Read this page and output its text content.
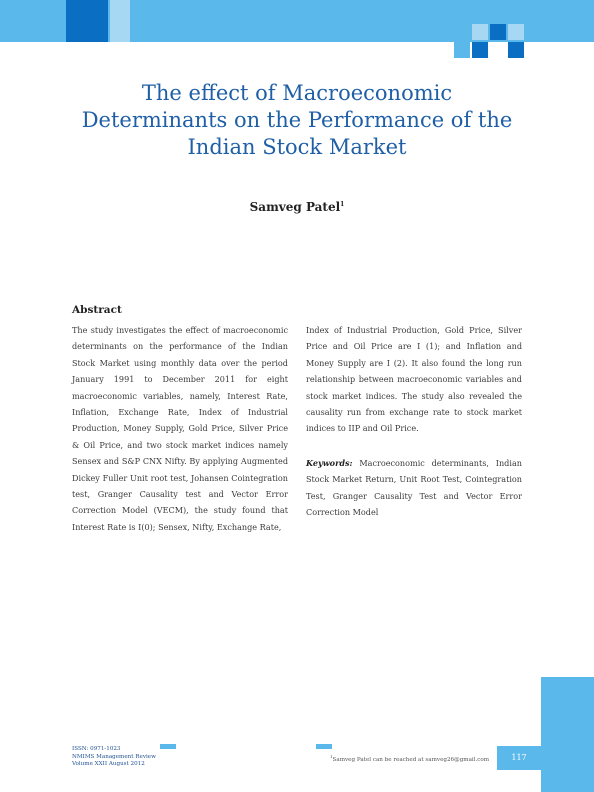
The effect of Macroeconomic
Determinants on the Performance of the
Indian Stock Market
Samveg Patel$^1$
Abstract

The study investigates the effect of macroeconomic determinants on the performance of the Indian Stock Market using monthly data over the period January 1991 to December 2011 for eight macroeconomic variables, namely, Interest Rate, Inflation, Exchange Rate, Index of Industrial Production, Money Supply, Gold Price, Silver Price & Oil Price, and two stock market indices namely Sensex and S&P CNX Nifty. By applying Augmented Dickey Fuller Unit root test, Johansen Cointegration test, Granger Causality test and Vector Error Correction Model (VECM), the study found that Interest Rate is I(0); Sensex, Nifty, Exchange Rate,

Index of Industrial Production, Gold Price, Silver Price and Oil Price are I (1); and Inflation and Money Supply are I (2). It also found the long run relationship between macroeconomic variables and stock market indices. The study also revealed the causality run from exchange rate to stock market indices to IIP and Oil Price.

Keywords: Macroeconomic determinants, Indian Stock Market Return, Unit Root Test, Cointegration Test, Granger Causality Test and Vector Error Correction Model

ISSN: 0971-1023
NMIMS Management Review
Volume XXII August 2012
$^1$Samveg Patel can be reached at samveg26@gmail.com	117
